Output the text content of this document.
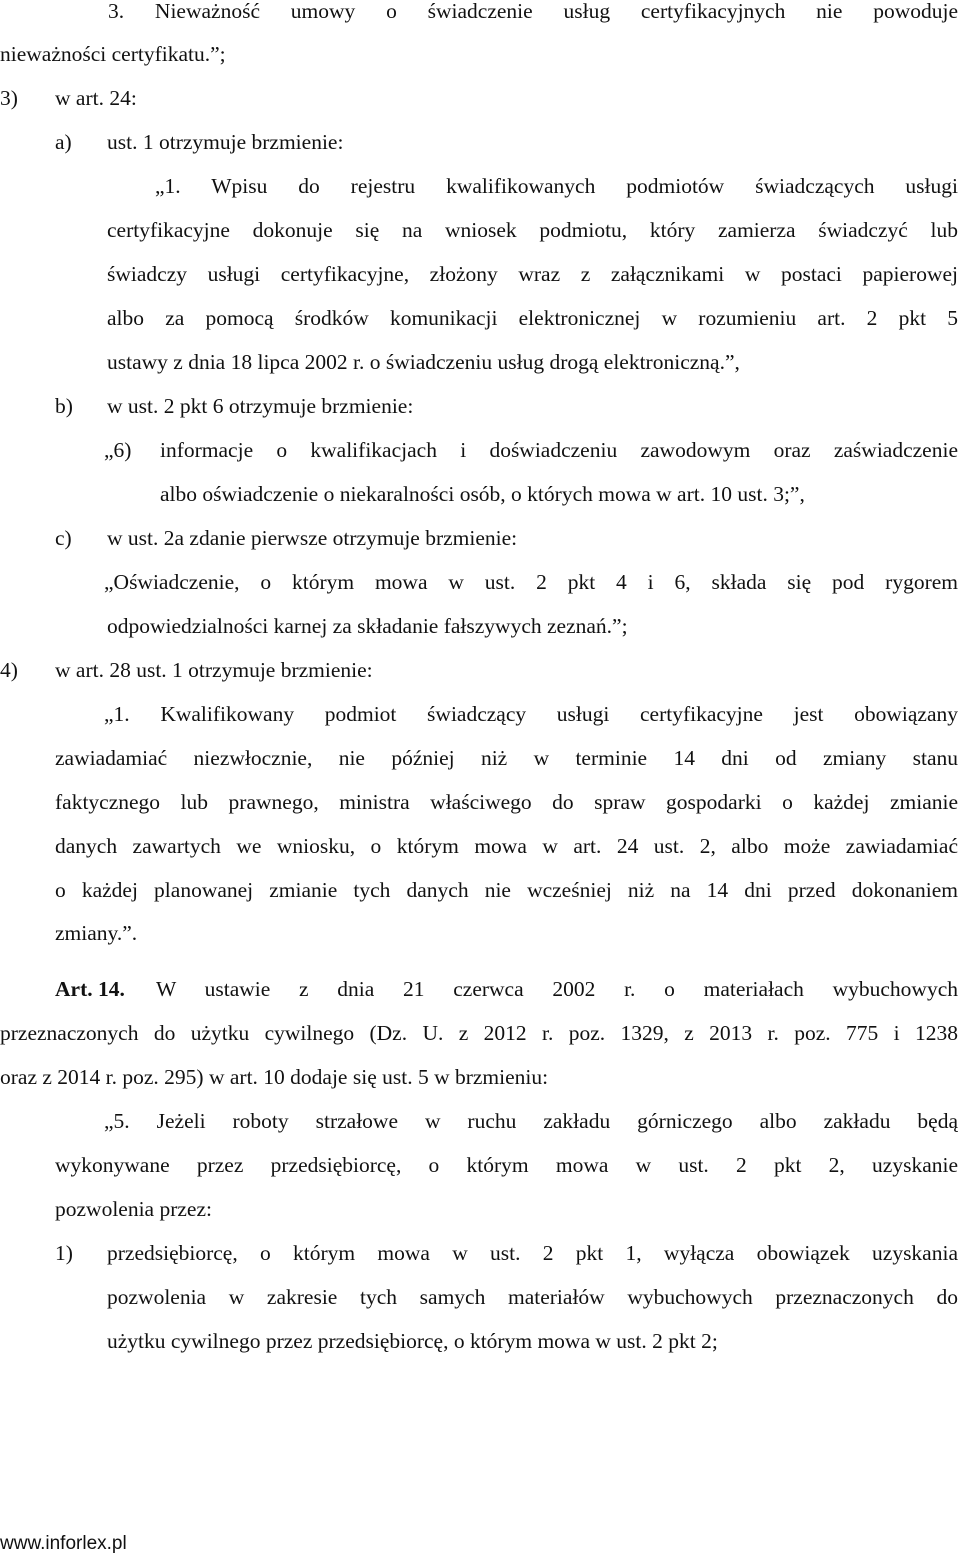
3. Nieważność umowy o świadczenie usług certyfikacyjnych nie powoduje
nieważności certyfikatu.”;
3) w art. 24:
a) ust. 1 otrzymuje brzmienie:
„1. Wpisu do rejestru kwalifikowanych podmiotów świadczących usługi
certyfikacyjne dokonuje się na wniosek podmiotu, który zamierza świadczyć lub
świadczy usługi certyfikacyjne, złożony wraz z załącznikami w postaci papierowej
albo za pomocą środków komunikacji elektronicznej w rozumieniu art. 2 pkt 5
ustawy z dnia 18 lipca 2002 r. o świadczeniu usług drogą elektroniczną.”,
b) w ust. 2 pkt 6 otrzymuje brzmienie:
„6) informacje o kwalifikacjach i doświadczeniu zawodowym oraz zaświadczenie
albo oświadczenie o niekaralności osób, o których mowa w art. 10 ust. 3;”,
c) w ust. 2a zdanie pierwsze otrzymuje brzmienie:
„Oświadczenie, o którym mowa w ust. 2 pkt 4 i 6, składa się pod rygorem
odpowiedzialności karnej za składanie fałszywych zeznań.”;
4) w art. 28 ust. 1 otrzymuje brzmienie:
„1. Kwalifikowany podmiot świadczący usługi certyfikacyjne jest obowiązany
zawiadamiać niezwłocznie, nie później niż w terminie 14 dni od zmiany stanu
faktycznego lub prawnego, ministra właściwego do spraw gospodarki o każdej zmianie
danych zawartych we wniosku, o którym mowa w art. 24 ust. 2, albo może zawiadamiać
o każdej planowanej zmianie tych danych nie wcześniej niż na 14 dni przed dokonaniem
zmiany.”.
Art. 14. W ustawie z dnia 21 czerwca 2002 r. o materiałach wybuchowych
przeznaczonych do użytku cywilnego (Dz. U. z 2012 r. poz. 1329, z 2013 r. poz. 775 i 1238
oraz z 2014 r. poz. 295) w art. 10 dodaje się ust. 5 w brzmieniu:
„5. Jeżeli roboty strzałowe w ruchu zakładu górniczego albo zakładu będą
wykonywane przez przedsiębiorcę, o którym mowa w ust. 2 pkt 2, uzyskanie
pozwolenia przez:
1) przedsiębiorcę, o którym mowa w ust. 2 pkt 1, wyłącza obowiązek uzyskania
pozwolenia w zakresie tych samych materiałów wybuchowych przeznaczonych do
użytku cywilnego przez przedsiębiorcę, o którym mowa w ust. 2 pkt 2;
www.inforlex.pl
